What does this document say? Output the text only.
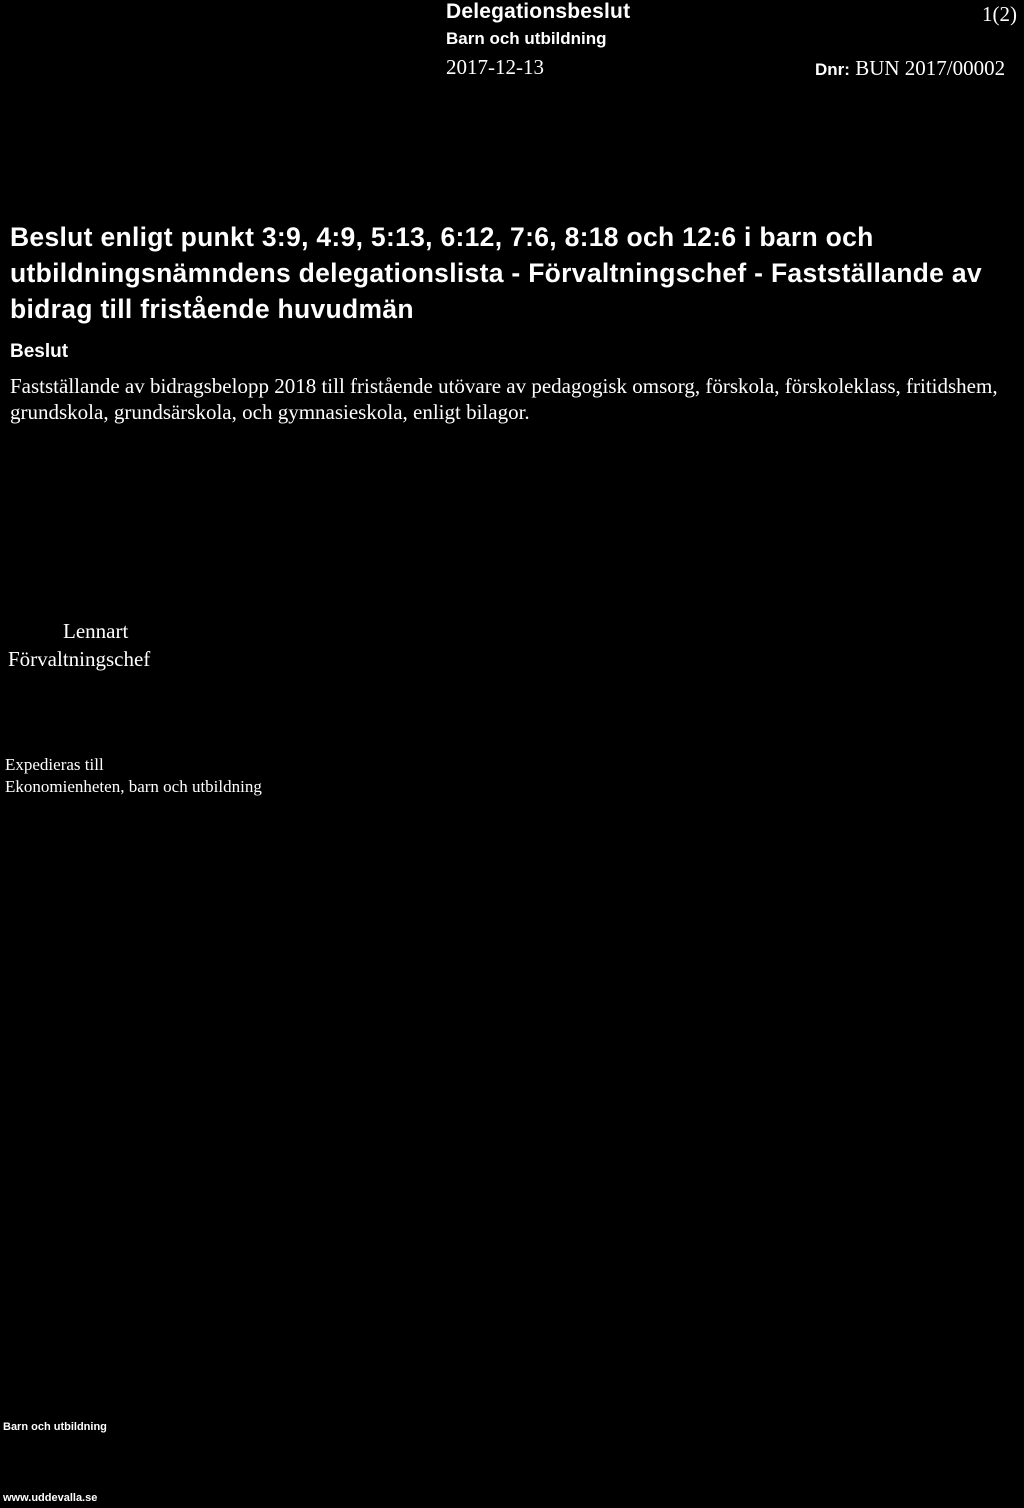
Delegationsbeslut
Barn och utbildning
2017-12-13
1(2)
Dnr: BUN 2017/00002
Beslut enligt punkt 3:9, 4:9, 5:13, 6:12, 7:6, 8:18 och 12:6 i barn och utbildningsnämndens delegationslista - Förvaltningschef - Fastställande av bidrag till fristående huvudmän
Beslut
Fastställande av bidragsbelopp 2018 till fristående utövare av pedagogisk omsorg, förskola, förskoleklass, fritidshem, grundskola, grundsärskola, och gymnasieskola, enligt bilagor.
Lennart
Förvaltningschef
Expedieras till
Ekonomienheten, barn och utbildning
Barn och utbildning
www.uddevalla.se
